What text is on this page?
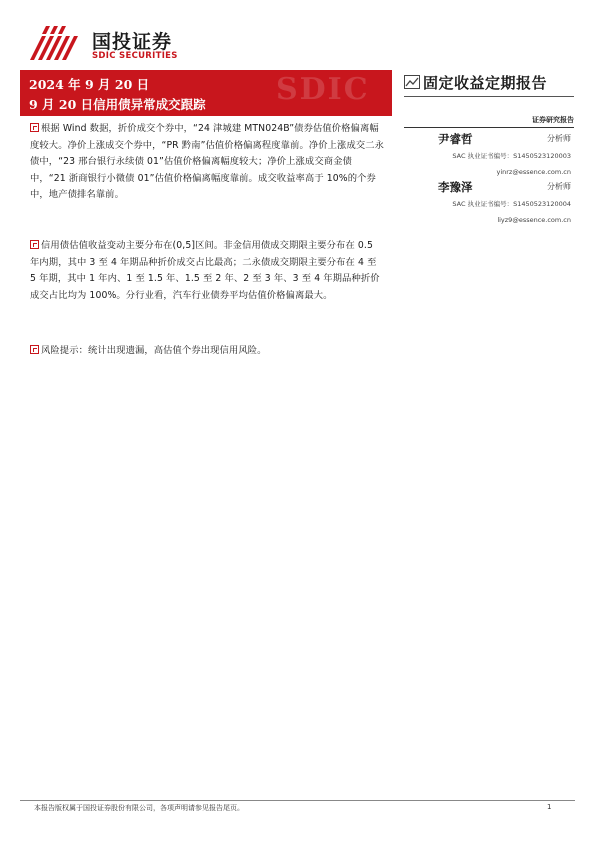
国投证券
SDIC SECURITIES
SDIC
2024 年 9 月 20 日
9 月 20 日信用债异常成交跟踪
固定收益定期报告
证券研究报告
尹睿哲	分析师
SAC 执业证书编号：S1450523120003
yinrz@essence.com.cn
李豫泽	分析师
SAC 执业证书编号：S1450523120004
liyz9@essence.com.cn
根据 Wind 数据，折价成交个券中，“24 津城建 MTN024B”债券估值价格偏离幅度较大。净价上涨成交个券中，“PR 黔南”估值价格偏离程度靠前。净价上涨成交二永债中，“23 邢台银行永续债 01”估值价格偏离幅度较大；净价上涨成交商金债中，“21 浙商银行小微债 01”估值价格偏离幅度靠前。成交收益率高于 10%的个券中，地产债排名靠前。
信用债估值收益变动主要分布在(0,5]区间。非金信用债成交期限主要分布在 0.5 年内期，其中 3 至 4 年期品种折价成交占比最高；二永债成交期限主要分布在 4 至 5 年期，其中 1 年内、1 至 1.5 年、1.5 至 2 年、2 至 3 年、3 至 4 年期品种折价成交占比均为 100%。分行业看，汽车行业债券平均估值价格偏离最大。
风险提示：统计出现遗漏，高估值个券出现信用风险。
本报告版权属于国投证券股份有限公司，各项声明请参见报告尾页。	1
